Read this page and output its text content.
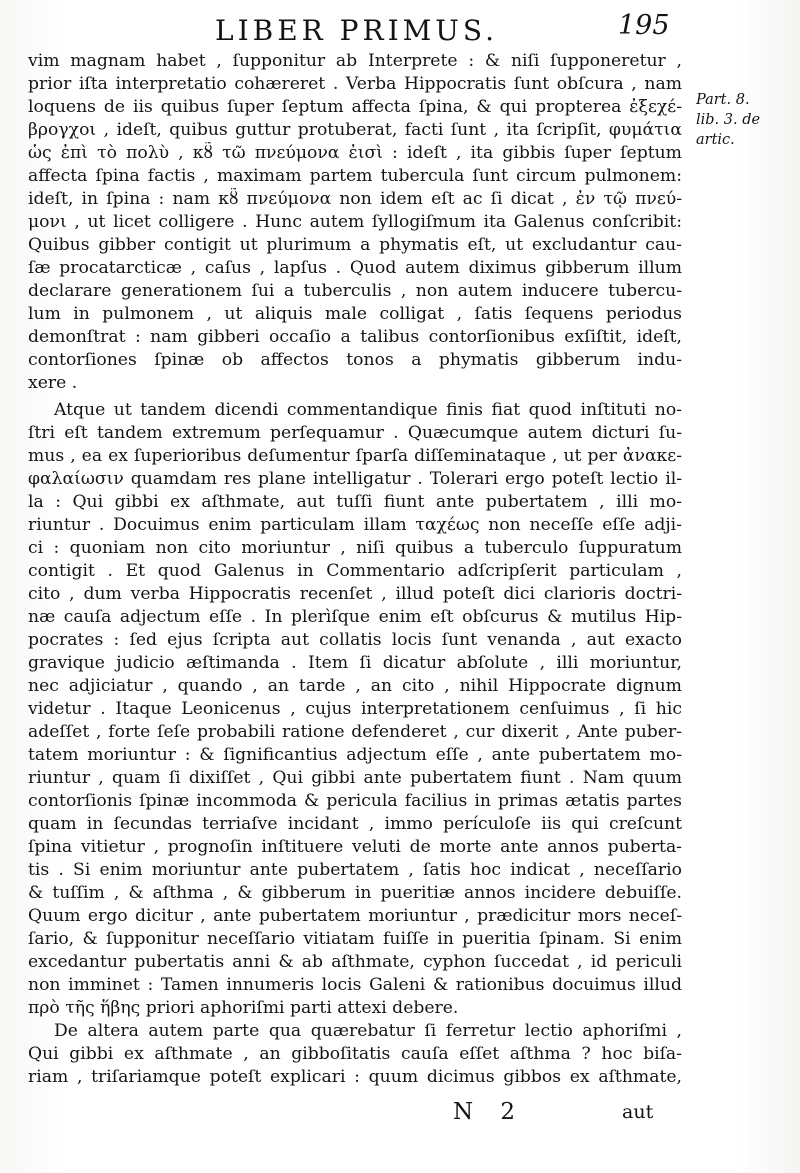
LIBER PRIMUS.	195
Part. 8.
lib. 3. de
artic.
vim magnam habet , ſupponitur ab Interprete : & niſi ſupponeretur ,
prior iſta interpretatio cohæreret . Verba Hippocratis ſunt obſcura , nam
loquens de iis quibus ſuper ſeptum affecta ſpina, & qui propterea ἐξεχέ-
βρογχοι , ideſt, quibus guttur protuberat, facti ſunt , ita ſcripſit, φυμάτια
ὡς ἐπὶ τὸ πολὺ , κȣ̃ τῶ πνεύμονα ἐισὶ : ideſt , ita gibbis ſuper ſeptum
affecta ſpina factis , maximam partem tubercula ſunt circum pulmonem:
ideſt, in ſpina : nam κȣ̃ πνεύμονα non idem eſt ac ſi dicat , ἐν τῷ πνεύ-
μονι , ut licet colligere . Hunc autem ſyllogiſmum ita Galenus conſcribit:
Quibus gibber contigit ut plurimum a phymatis eſt, ut excludantur cau-
ſæ procatarcticæ , caſus , lapſus . Quod autem diximus gibberum illum
declarare generationem ſui a tuberculis , non autem inducere tubercu-
lum in pulmonem , ut aliquis male colligat , ſatis ſequens periodus
demonſtrat : nam gibberi occaſio a talibus contorſionibus exſiſtit, ideſt,
contorſiones ſpinæ ob affectos tonos a phymatis gibberum indu-
xere .
Atque ut tandem dicendi commentandique finis fiat quod inſtituti no-
ſtri eſt tandem extremum perſequamur . Quæcumque autem dicturi ſu-
mus , ea ex ſuperioribus deſumentur ſparſa diſſeminataque , ut per ἀνακε-
φαλαίωσιν quamdam res plane intelligatur . Tolerari ergo poteſt lectio il-
la : Qui gibbi ex aſthmate, aut tuſſi fiunt ante pubertatem , illi mo-
riuntur . Docuimus enim particulam illam ταχέως non neceſſe eſſe adji-
ci : quoniam non cito moriuntur , niſi quibus a tuberculo ſuppuratum
contigit . Et quod Galenus in Commentario adſcripſerit particulam ,
cito , dum verba Hippocratis recenſet , illud poteſt dici clarioris doctri-
næ cauſa adjectum eſſe . In plerìſque enim eſt obſcurus & mutilus Hip-
pocrates : ſed ejus ſcripta aut collatis locis ſunt venanda , aut exacto
gravique judicio æſtimanda . Item ſi dicatur abſolute , illi moriuntur,
nec adjiciatur , quando , an tarde , an cito , nihil Hippocrate dignum
videtur . Itaque Leonicenus , cujus interpretationem cenſuimus , ſi hic
adeſſet , forte ſeſe probabili ratione defenderet , cur dixerit , Ante puber-
tatem moriuntur : & ſignificantius adjectum eſſe , ante pubertatem mo-
riuntur , quam ſi dixiſſet , Qui gibbi ante pubertatem fiunt . Nam quum
contorſionis ſpinæ incommoda & pericula facilius in primas ætatis partes
quam in ſecundas terriaſve incidant , immo perículoſe iis qui creſcunt
ſpina vitietur , prognoſin inſtituere veluti de morte ante annos puberta-
tis . Si enim moriuntur ante pubertatem , ſatis hoc indicat , neceſſario
& tuſſim , & aſthma , & gibberum in pueritiæ annos incidere debuiſſe.
Quum ergo dicitur , ante pubertatem moriuntur , prædicitur mors neceſ-
ſario, & ſupponitur neceſſario vitiatam fuiſſe in pueritia ſpinam. Si enim
excedantur pubertatis anni & ab aſthmate, cyphon ſuccedat , id periculi
non imminet : Tamen innumeris locis Galeni & rationibus docuimus illud
πρὸ τῆς ἥβης priori aphoriſmi parti attexi debere.
De altera autem parte qua quærebatur ſi ferretur lectio aphoriſmi ,
Qui gibbi ex aſthmate , an gibboſitatis cauſa eſſet aſthma ? hoc biſa-
riam , triſariamque poteſt explicari : quum dicimus gibbos ex aſthmate,
N 2	aut
